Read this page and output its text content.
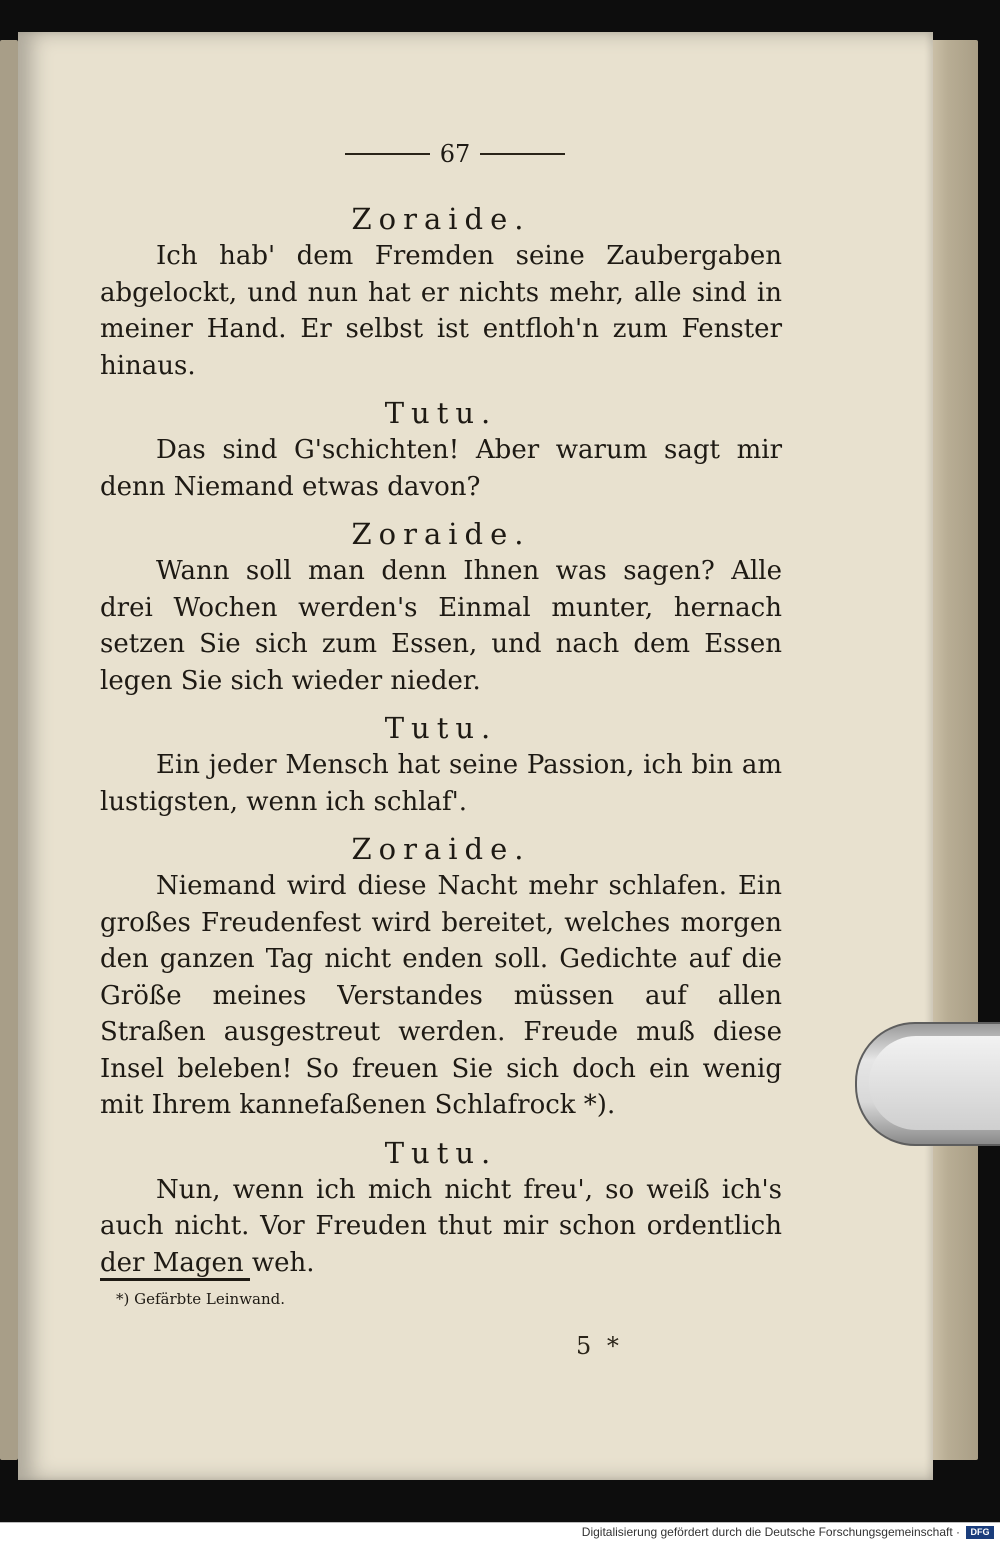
67

Zoraide.

Ich hab' dem Fremden seine Zaubergaben abgelockt, und nun hat er nichts mehr, alle sind in meiner Hand. Er selbst ist entfloh'n zum Fenster hinaus.

Tutu.

Das sind G'schichten! Aber warum sagt mir denn Niemand etwas davon?

Zoraide.

Wann soll man denn Ihnen was sagen? Alle drei Wochen werden's Einmal munter, hernach setzen Sie sich zum Essen, und nach dem Essen legen Sie sich wieder nieder.

Tutu.

Ein jeder Mensch hat seine Passion, ich bin am lustigsten, wenn ich schlaf'.

Zoraide.

Niemand wird diese Nacht mehr schlafen. Ein großes Freudenfest wird bereitet, welches morgen den ganzen Tag nicht enden soll. Gedichte auf die Größe meines Verstandes müssen auf allen Straßen ausgestreut werden. Freude muß diese Insel beleben! So freuen Sie sich doch ein wenig mit Ihrem kannefaßenen Schlafrock *).

Tutu.

Nun, wenn ich mich nicht freu', so weiß ich's auch nicht. Vor Freuden thut mir schon ordentlich der Magen weh.

*) Gefärbte Leinwand.
5 *
Digitalisierung gefördert durch die Deutsche Forschungsgemeinschaft ·	DFG
